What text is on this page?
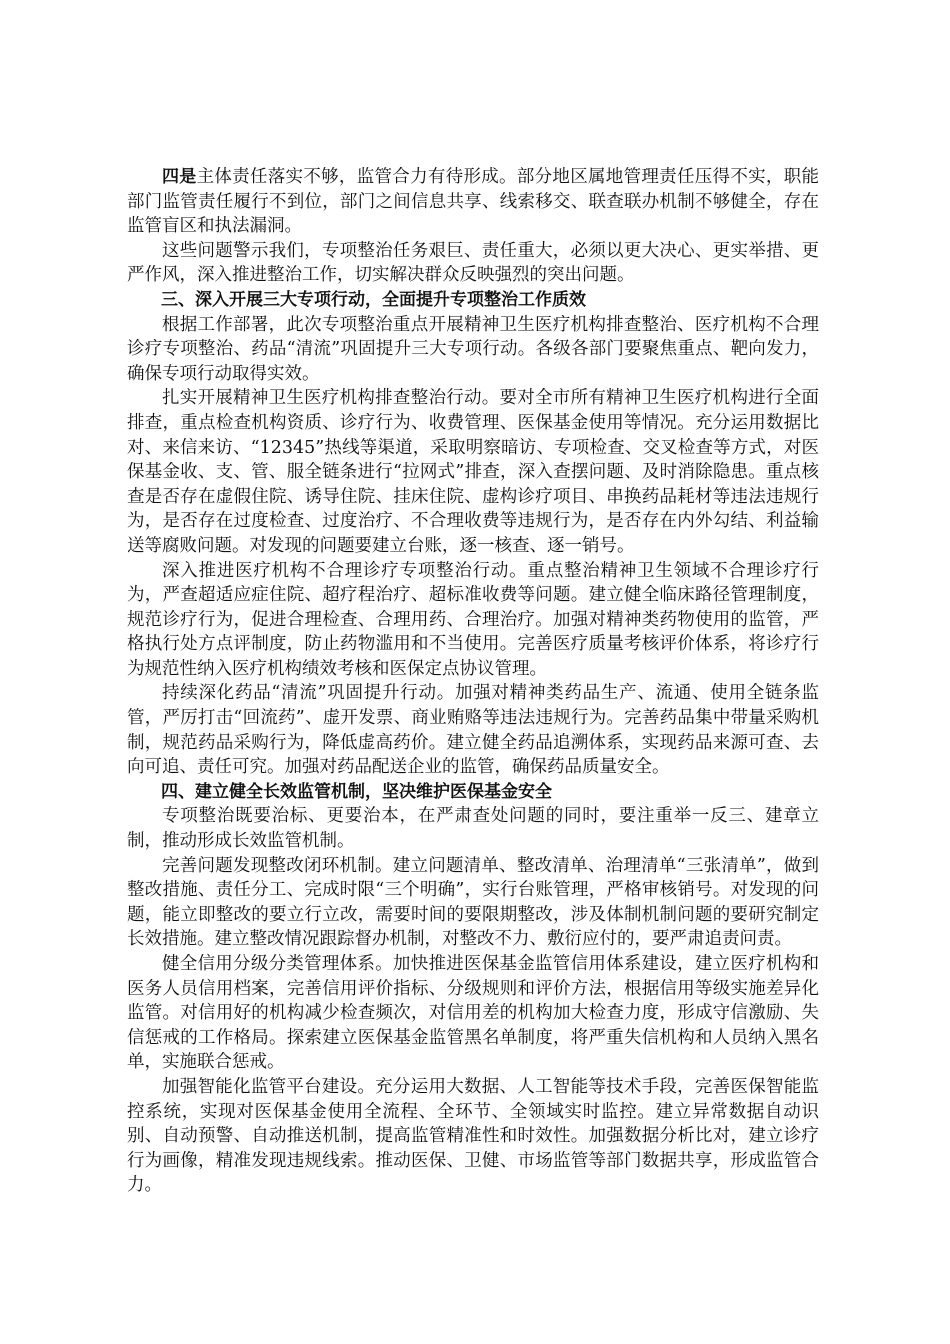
四是主体责任落实不够，监管合力有待形成。部分地区属地管理责任压得不实，职能部门监管责任履行不到位，部门之间信息共享、线索移交、联查联办机制不够健全，存在监管盲区和执法漏洞。

这些问题警示我们，专项整治任务艰巨、责任重大，必须以更大决心、更实举措、更严作风，深入推进整治工作，切实解决群众反映强烈的突出问题。

三、深入开展三大专项行动，全面提升专项整治工作质效

根据工作部署，此次专项整治重点开展精神卫生医疗机构排查整治、医疗机构不合理诊疗专项整治、药品“清流”巩固提升三大专项行动。各级各部门要聚焦重点、靶向发力，确保专项行动取得实效。

扎实开展精神卫生医疗机构排查整治行动。要对全市所有精神卫生医疗机构进行全面排查，重点检查机构资质、诊疗行为、收费管理、医保基金使用等情况。充分运用数据比对、来信来访、“12345”热线等渠道，采取明察暗访、专项检查、交叉检查等方式，对医保基金收、支、管、服全链条进行“拉网式”排查，深入查摆问题、及时消除隐患。重点核查是否存在虚假住院、诱导住院、挂床住院、虚构诊疗项目、串换药品耗材等违法违规行为，是否存在过度检查、过度治疗、不合理收费等违规行为，是否存在内外勾结、利益输送等腐败问题。对发现的问题要建立台账，逐一核查、逐一销号。

深入推进医疗机构不合理诊疗专项整治行动。重点整治精神卫生领域不合理诊疗行为，严查超适应症住院、超疗程治疗、超标准收费等问题。建立健全临床路径管理制度，规范诊疗行为，促进合理检查、合理用药、合理治疗。加强对精神类药物使用的监管，严格执行处方点评制度，防止药物滥用和不当使用。完善医疗质量考核评价体系，将诊疗行为规范性纳入医疗机构绩效考核和医保定点协议管理。

持续深化药品“清流”巩固提升行动。加强对精神类药品生产、流通、使用全链条监管，严厉打击“回流药”、虚开发票、商业贿赂等违法违规行为。完善药品集中带量采购机制，规范药品采购行为，降低虚高药价。建立健全药品追溯体系，实现药品来源可查、去向可追、责任可究。加强对药品配送企业的监管，确保药品质量安全。

四、建立健全长效监管机制，坚决维护医保基金安全

专项整治既要治标、更要治本，在严肃查处问题的同时，要注重举一反三、建章立制，推动形成长效监管机制。

完善问题发现整改闭环机制。建立问题清单、整改清单、治理清单“三张清单”，做到整改措施、责任分工、完成时限“三个明确”，实行台账管理，严格审核销号。对发现的问题，能立即整改的要立行立改，需要时间的要限期整改，涉及体制机制问题的要研究制定长效措施。建立整改情况跟踪督办机制，对整改不力、敷衍应付的，要严肃追责问责。

健全信用分级分类管理体系。加快推进医保基金监管信用体系建设，建立医疗机构和医务人员信用档案，完善信用评价指标、分级规则和评价方法，根据信用等级实施差异化监管。对信用好的机构减少检查频次，对信用差的机构加大检查力度，形成守信激励、失信惩戒的工作格局。探索建立医保基金监管黑名单制度，将严重失信机构和人员纳入黑名单，实施联合惩戒。

加强智能化监管平台建设。充分运用大数据、人工智能等技术手段，完善医保智能监控系统，实现对医保基金使用全流程、全环节、全领域实时监控。建立异常数据自动识别、自动预警、自动推送机制，提高监管精准性和时效性。加强数据分析比对，建立诊疗行为画像，精准发现违规线索。推动医保、卫健、市场监管等部门数据共享，形成监管合力。
